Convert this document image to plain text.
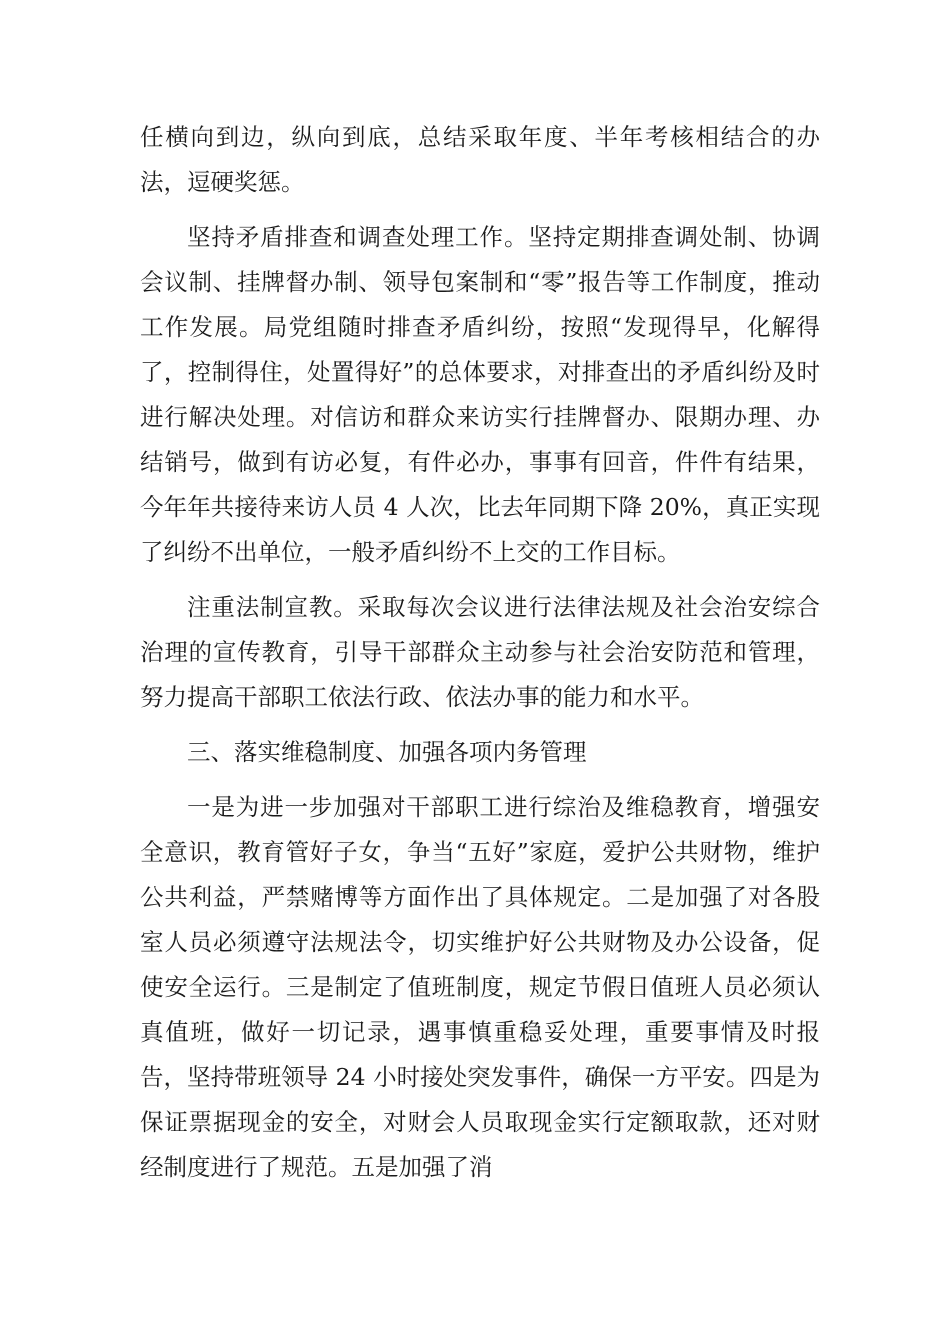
任横向到边，纵向到底，总结采取年度、半年考核相结合的办法，逗硬奖惩。

坚持矛盾排查和调查处理工作。坚持定期排查调处制、协调会议制、挂牌督办制、领导包案制和“零”报告等工作制度，推动工作发展。局党组随时排查矛盾纠纷，按照“发现得早，化解得了，控制得住，处置得好”的总体要求，对排查出的矛盾纠纷及时进行解决处理。对信访和群众来访实行挂牌督办、限期办理、办结销号，做到有访必复，有件必办，事事有回音，件件有结果，今年年共接待来访人员 4 人次，比去年同期下降 20%，真正实现了纠纷不出单位，一般矛盾纠纷不上交的工作目标。

注重法制宣教。采取每次会议进行法律法规及社会治安综合治理的宣传教育，引导干部群众主动参与社会治安防范和管理，努力提高干部职工依法行政、依法办事的能力和水平。

三、落实维稳制度、加强各项内务管理

一是为进一步加强对干部职工进行综治及维稳教育，增强安全意识，教育管好子女，争当“五好”家庭，爱护公共财物，维护公共利益，严禁赌博等方面作出了具体规定。二是加强了对各股室人员必须遵守法规法令，切实维护好公共财物及办公设备，促使安全运行。三是制定了值班制度，规定节假日值班人员必须认真值班，做好一切记录，遇事慎重稳妥处理，重要事情及时报告，坚持带班领导 24 小时接处突发事件，确保一方平安。四是为保证票据现金的安全，对财会人员取现金实行定额取款，还对财经制度进行了规范。五是加强了消
